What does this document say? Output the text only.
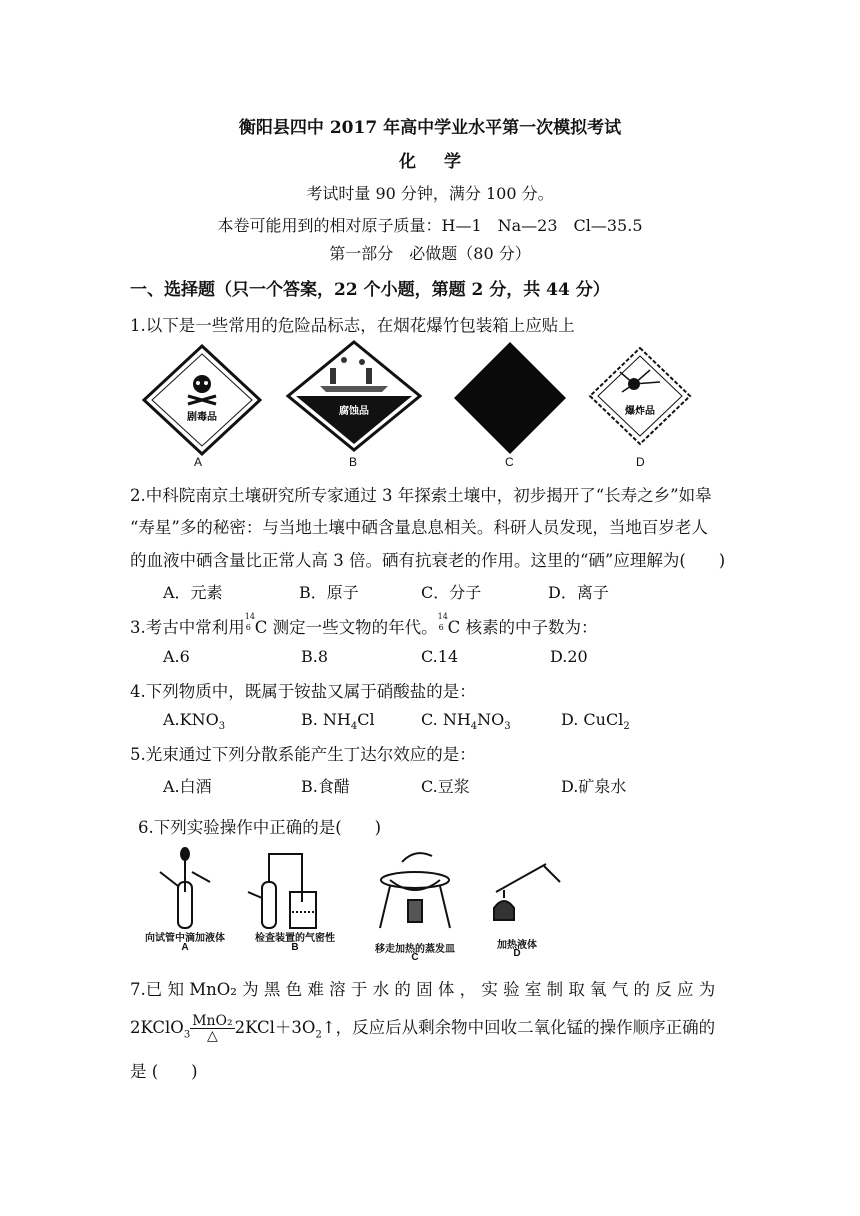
衡阳县四中 2017 年高中学业水平第一次模拟考试
化 学
考试时量 90 分钟，满分 100 分。
本卷可能用到的相对原子质量：H—1　Na—23　Cl—35.5
第一部分　必做题（80 分）
一、选择题（只一个答案，22 个小题，第题 2 分，共 44 分）
1.以下是一些常用的危险品标志，在烟花爆竹包装箱上应贴上
剧毒品
腐蚀品	爆炸品
A	B	C	D
2.中科院南京土壤研究所专家通过 3 年探索土壤中，初步揭开了“长寿之乡”如皋
“寿星”多的秘密：与当地土壤中硒含量息息相关。科研人员发现，当地百岁老人
的血液中硒含量比正常人高 3 倍。硒有抗衰老的作用。这里的“硒”应理解为(　　)
A．元素	B．原子	C．分子	D．离子
3.考古中常利用
14
6 C 测定一些文物的年代。
14
6 C 核素的中子数为：
A.6	B.8	C.14	D.20
4.下列物质中，既属于铵盐又属于硝酸盐的是：
$A.KNO_3$	B. $NH_4Cl$	C. $NH_4NO_3$	D. CuCl$_2$
5.光束通过下列分散系能产生丁达尔效应的是：
A.白酒	B.食醋	C.豆浆	D.矿泉水
6.下列实验操作中正确的是(　　)
向试管中滴加液体	检查装置的气密性
移走加热的蒸发皿	加热液体
A	B
C	D
7.已 知 MnO₂ 为 黑 色 难 溶 于 水 的 固 体 ， 实 验 室 制 取 氧 气 的 反 应 为
2KClO$_3$ $\frac{\text{MnO₂}}{\triangle}$ $2KCl+3O_2↑$，反应后从剩余物中回收二氧化锰的操作顺序正确的
是 (　　)
